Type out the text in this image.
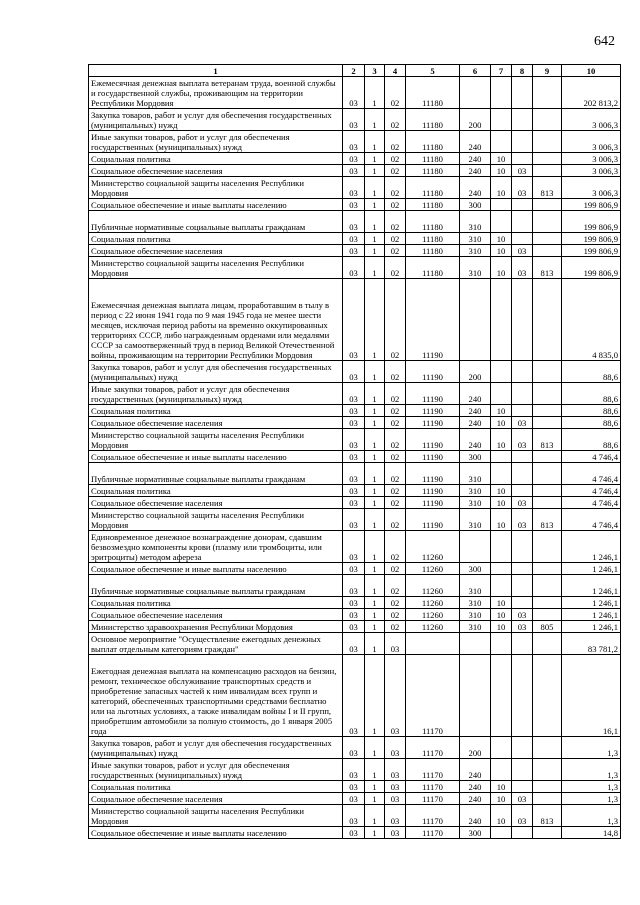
642
1	2	3	4	5	6	7	8	9	10
Ежемесячная денежная выплата ветеранам труда, военной службы и государственной службы, проживающим на территории Республики Мордовия	03	1	02	11180					202 813,2
Закупка товаров, работ и услуг для обеспечения государственных (муниципальных) нужд	03	1	02	11180	200				3 006,3
Иные закупки товаров, работ и услуг для обеспечения государственных (муниципальных) нужд	03	1	02	11180	240				3 006,3
Социальная политика	03	1	02	11180	240	10			3 006,3
Социальное обеспечение населения	03	1	02	11180	240	10	03		3 006,3
Министерство социальной защиты населения Республики Мордовия	03	1	02	11180	240	10	03	813	3 006,3
Социальное обеспечение и иные выплаты населению	03	1	02	11180	300				199 806,9
Публичные нормативные социальные выплаты гражданам	03	1	02	11180	310				199 806,9
Социальная политика	03	1	02	11180	310	10			199 806,9
Социальное обеспечение населения	03	1	02	11180	310	10	03		199 806,9
Министерство социальной защиты населения Республики Мордовия	03	1	02	11180	310	10	03	813	199 806,9
Ежемесячная денежная выплата лицам, проработавшим в тылу в период с 22 июня 1941 года по 9 мая 1945 года не менее шести месяцев, исключая период работы на временно оккупированных территориях СССР, либо награжденным орденами или медалями СССР за самоотверженный труд в период Великой Отечественной войны, проживающим на территории Республики Мордовия	03	1	02	11190					4 835,0
Закупка товаров, работ и услуг для обеспечения государственных (муниципальных) нужд	03	1	02	11190	200				88,6
Иные закупки товаров, работ и услуг для обеспечения государственных (муниципальных) нужд	03	1	02	11190	240				88,6
Социальная политика	03	1	02	11190	240	10			88,6
Социальное обеспечение населения	03	1	02	11190	240	10	03		88,6
Министерство социальной защиты населения Республики Мордовия	03	1	02	11190	240	10	03	813	88,6
Социальное обеспечение и иные выплаты населению	03	1	02	11190	300				4 746,4
Публичные нормативные социальные выплаты гражданам	03	1	02	11190	310				4 746,4
Социальная политика	03	1	02	11190	310	10			4 746,4
Социальное обеспечение населения	03	1	02	11190	310	10	03		4 746,4
Министерство социальной защиты населения Республики Мордовия	03	1	02	11190	310	10	03	813	4 746,4
Единовременное денежное вознаграждение донорам, сдавшим безвозмездно компоненты крови (плазму или тромбоциты, или эритроциты) методом афереза	03	1	02	11260					1 246,1
Социальное обеспечение и иные выплаты населению	03	1	02	11260	300				1 246,1
Публичные нормативные социальные выплаты гражданам	03	1	02	11260	310				1 246,1
Социальная политика	03	1	02	11260	310	10			1 246,1
Социальное обеспечение населения	03	1	02	11260	310	10	03		1 246,1
Министерство здравоохранения Республики Мордовия	03	1	02	11260	310	10	03	805	1 246,1
Основное мероприятие "Осуществление ежегодных денежных выплат отдельным категориям граждан"	03	1	03						83 781,2
Ежегодная денежная выплата на компенсацию расходов на бензин, ремонт, техническое обслуживание транспортных средств и приобретение запасных частей к ним инвалидам всех групп и категорий, обеспеченных транспортными средствами бесплатно или на льготных условиях, а также инвалидам войны I и II групп, приобретшим автомобили за полную стоимость, до 1 января 2005 года	03	1	03	11170					16,1
Закупка товаров, работ и услуг для обеспечения государственных (муниципальных) нужд	03	1	03	11170	200				1,3
Иные закупки товаров, работ и услуг для обеспечения государственных (муниципальных) нужд	03	1	03	11170	240				1,3
Социальная политика	03	1	03	11170	240	10			1,3
Социальное обеспечение населения	03	1	03	11170	240	10	03		1,3
Министерство социальной защиты населения Республики Мордовия	03	1	03	11170	240	10	03	813	1,3
Социальное обеспечение и иные выплаты населению	03	1	03	11170	300				14,8
